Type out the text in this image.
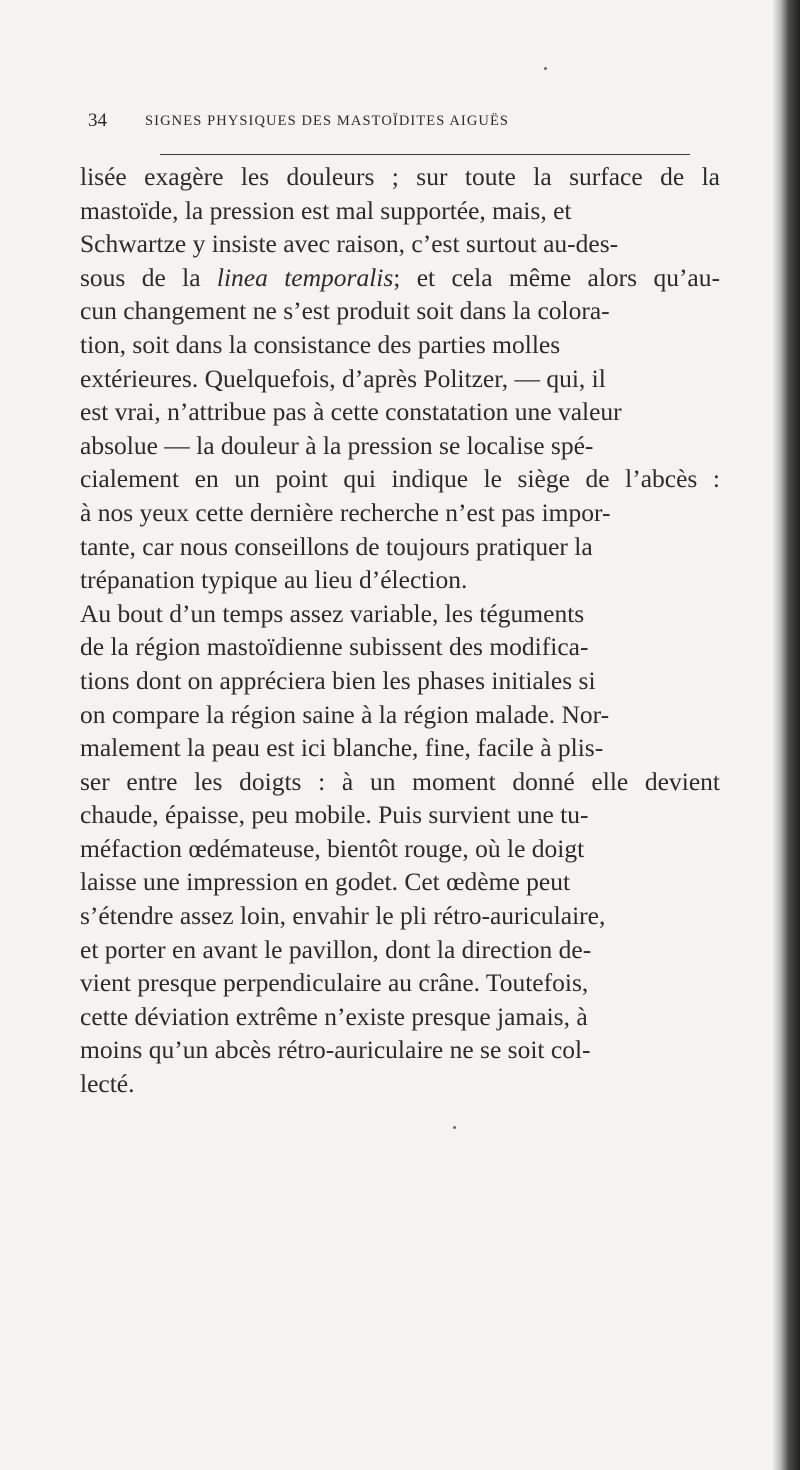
34	SIGNES PHYSIQUES DES MASTOÏDITES AIGUËS
lisée exagère les douleurs ; sur toute la surface de la
mastoïde, la pression est mal supportée, mais, et
Schwartze y insiste avec raison, c’est surtout au-des-
sous de la linea temporalis; et cela même alors qu’au-
cun changement ne s’est produit soit dans la colora-
tion, soit dans la consistance des parties molles
extérieures. Quelquefois, d’après Politzer, — qui, il
est vrai, n’attribue pas à cette constatation une valeur
absolue — la douleur à la pression se localise spé-
cialement en un point qui indique le siège de l’abcès :
à nos yeux cette dernière recherche n’est pas impor-
tante, car nous conseillons de toujours pratiquer la
trépanation typique au lieu d’élection.
Au bout d’un temps assez variable, les téguments
de la région mastoïdienne subissent des modifica-
tions dont on appréciera bien les phases initiales si
on compare la région saine à la région malade. Nor-
malement la peau est ici blanche, fine, facile à plis-
ser entre les doigts : à un moment donné elle devient
chaude, épaisse, peu mobile. Puis survient une tu-
méfaction œdémateuse, bientôt rouge, où le doigt
laisse une impression en godet. Cet œdème peut
s’étendre assez loin, envahir le pli rétro-auriculaire,
et porter en avant le pavillon, dont la direction de-
vient presque perpendiculaire au crâne. Toutefois,
cette déviation extrême n’existe presque jamais, à
moins qu’un abcès rétro-auriculaire ne se soit col-
lecté.
